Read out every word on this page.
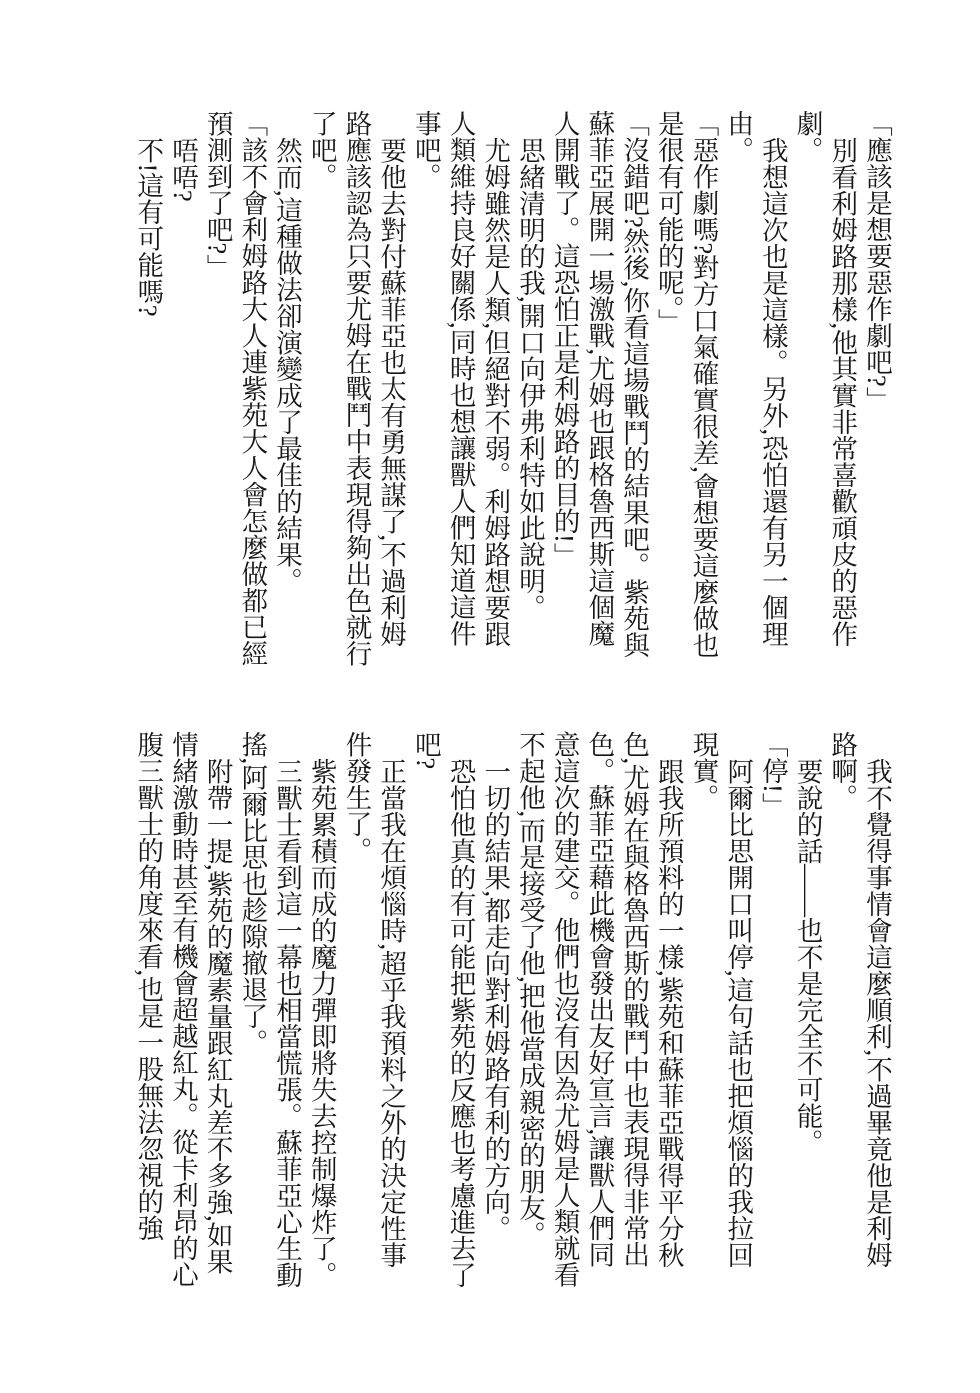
「應該是想要惡作劇吧?」

別看利姆路那樣,他其實非常喜歡頑皮的惡作劇。

我想這次也是這樣。另外,恐怕還有另一個理由。

「惡作劇嗎?對方口氣確實很差,會想要這麼做也是很有可能的呢。」

「沒錯吧?然後,你看這場戰鬥的結果吧。紫苑與蘇菲亞展開一場激戰,尤姆也跟格魯西斯這個魔人開戰了。這恐怕正是利姆路的目的!」

思緒清明的我,開口向伊弗利特如此說明。

尤姆雖然是人類,但絕對不弱。利姆路想要跟人類維持良好關係,同時也想讓獸人們知道這件事吧。

要他去對付蘇菲亞也太有勇無謀了,不過利姆路應該認為只要尤姆在戰鬥中表現得夠出色就行了吧。

然而,這種做法卻演變成了最佳的結果。

「該不會利姆路大人連紫苑大人會怎麼做都已經預測到了吧?」

唔唔?

不!這有可能嗎?

我不覺得事情會這麼順利,不過畢竟他是利姆路啊。

要說的話——也不是完全不可能。

「停!」

阿爾比思開口叫停,這句話也把煩惱的我拉回現實。

跟我所預料的一樣,紫苑和蘇菲亞戰得平分秋色,尤姆在與格魯西斯的戰鬥中也表現得非常出色。蘇菲亞藉此機會發出友好宣言,讓獸人們同意這次的建交。他們也沒有因為尤姆是人類就看不起他,而是接受了他,把他當成親密的朋友。

一切的結果,都走向對利姆路有利的方向。

恐怕他真的有可能把紫苑的反應也考慮進去了吧?

正當我在煩惱時,超乎我預料之外的決定性事件發生了。

紫苑累積而成的魔力彈即將失去控制爆炸了。

三獸士看到這一幕也相當慌張。蘇菲亞心生動搖,阿爾比思也趁隙撤退了。

附帶一提,紫苑的魔素量跟紅丸差不多強,如果情緒激動時甚至有機會超越紅丸。從卡利昂的心腹三獸士的角度來看,也是一股無法忽視的強
